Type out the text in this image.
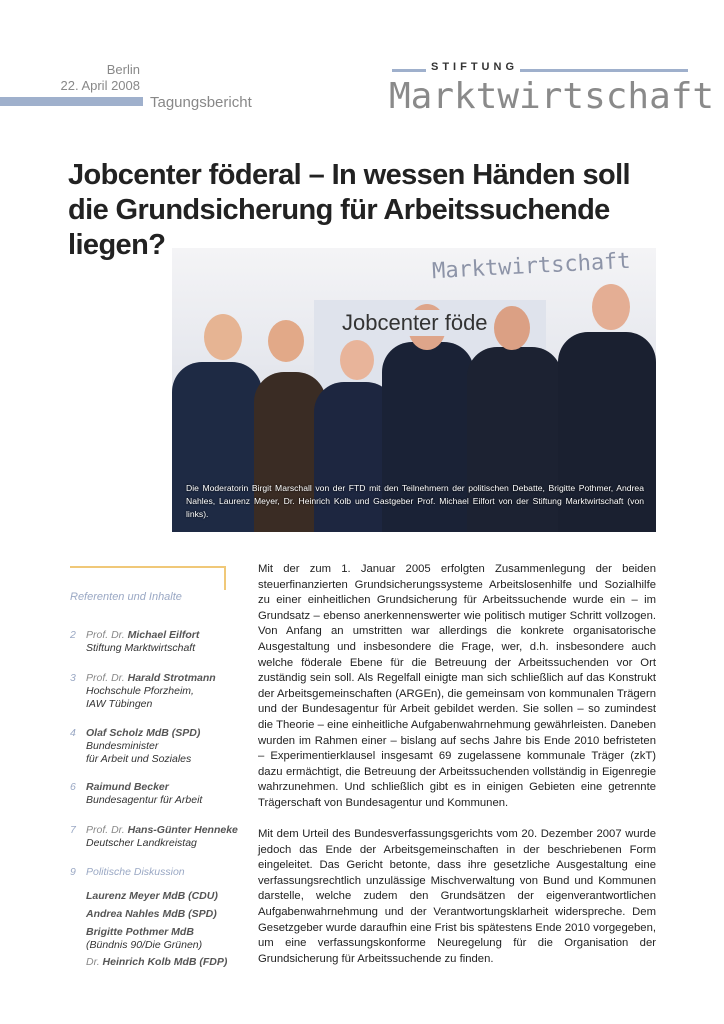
Berlin
22. April 2008
Tagungsbericht
STIFTUNG
Marktwirtschaft
Jobcenter föderal – In wessen Händen soll die Grundsicherung für Arbeitssuchende liegen?
Marktwirtschaft
Jobcenter föde
Die Moderatorin Birgit Marschall von der FTD mit den Teilnehmern der politischen Debatte, Brigitte Pothmer, Andrea Nahles, Laurenz Meyer, Dr. Heinrich Kolb und Gastgeber Prof. Michael Eilfort von der Stiftung Marktwirtschaft (von links).
Referenten und Inhalte
2 Prof. Dr. Michael Eilfort
Stiftung Marktwirtschaft
3 Prof. Dr. Harald Strotmann
Hochschule Pforzheim,
IAW Tübingen
4 Olaf Scholz MdB (SPD)
Bundesminister
für Arbeit und Soziales
6 Raimund Becker
Bundesagentur für Arbeit
7 Prof. Dr. Hans-Günter Henneke
Deutscher Landkreistag
9 Politische Diskussion
Laurenz Meyer MdB (CDU)
Andrea Nahles MdB (SPD)
Brigitte Pothmer MdB
(Bündnis 90/Die Grünen)
Dr. Heinrich Kolb MdB (FDP)

Mit der zum 1. Januar 2005 erfolgten Zusammenlegung der beiden steuerfinanzierten Grundsicherungssysteme Arbeitslosenhilfe und Sozialhilfe zu einer einheitlichen Grundsicherung für Arbeitssuchende wurde ein – im Grundsatz – ebenso anerkennenswerter wie politisch mutiger Schritt vollzogen. Von Anfang an umstritten war allerdings die konkrete organisatorische Ausgestaltung und insbesondere die Frage, wer, d.h. insbesondere auch welche föderale Ebene für die Betreuung der Arbeitssuchenden vor Ort zuständig sein soll. Als Regelfall einigte man sich schließlich auf das Konstrukt der Arbeitsgemeinschaften (ARGEn), die gemeinsam von kommunalen Trägern und der Bundesagentur für Arbeit gebildet werden. Sie sollen – so zumindest die Theorie – eine einheitliche Aufgabenwahrnehmung gewährleisten. Daneben wurden im Rahmen einer – bislang auf sechs Jahre bis Ende 2010 befristeten – Experimentierklausel insgesamt 69 zugelassene kommunale Träger (zkT) dazu ermächtigt, die Betreuung der Arbeitssuchenden vollständig in Eigenregie wahrzunehmen. Und schließlich gibt es in einigen Gebieten eine getrennte Trägerschaft von Bundesagentur und Kommunen.

Mit dem Urteil des Bundesverfassungsgerichts vom 20. Dezember 2007 wurde jedoch das Ende der Arbeitsgemeinschaften in der beschriebenen Form eingeleitet. Das Gericht betonte, dass ihre gesetzliche Ausgestaltung eine verfassungsrechtlich unzulässige Mischverwaltung von Bund und Kommunen darstelle, welche zudem den Grundsätzen der eigenverantwortlichen Aufgabenwahrnehmung und der Verantwortungsklarheit widerspreche. Dem Gesetzgeber wurde daraufhin eine Frist bis spätestens Ende 2010 vorgegeben, um eine verfassungskonforme Neuregelung für die Organisation der Grundsicherung für Arbeitssuchende zu finden.
